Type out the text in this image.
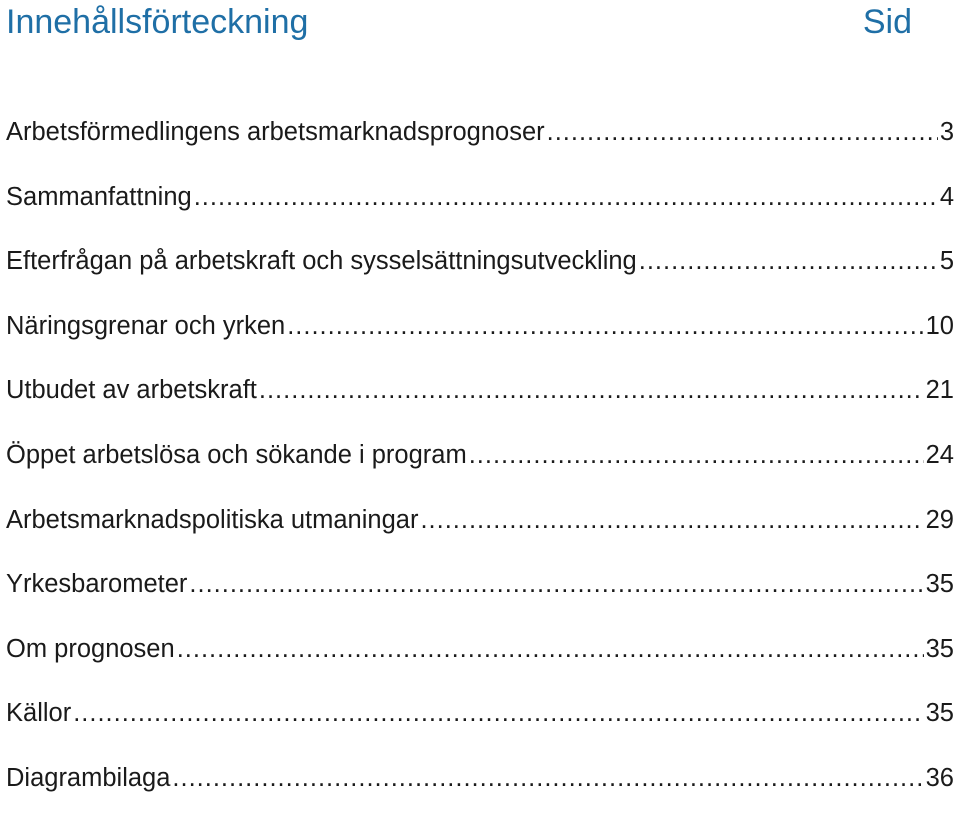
Innehållsförteckning	Sid
Arbetsförmedlingens arbetsmarknadsprognoser .....	3
Sammanfattning .....	4
Efterfrågan på arbetskraft och sysselsättningsutveckling .....	5
Näringsgrenar och yrken .....	10
Utbudet av arbetskraft .....	21
Öppet arbetslösa och sökande i program .....	24
Arbetsmarknadspolitiska utmaningar .....	29
Yrkesbarometer .....	35
Om prognosen .....	35
Källor .....	35
Diagrambilaga .....	36
